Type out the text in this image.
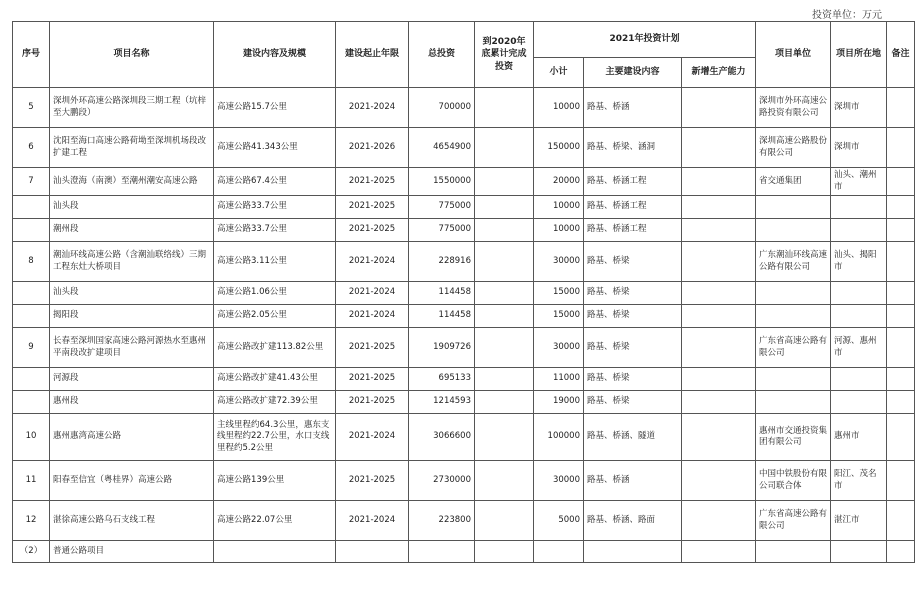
投资单位：万元
序号	项目名称	建设内容及规模	建设起止年限	总投资	到2020年底累计完成投资	2021年投资计划			项目单位	项目所在地	备注
						小计	主要建设内容	新增生产能力			
5	深圳外环高速公路深圳段三期工程（坑梓至大鹏段）	高速公路15.7公里	2021-2024	700000		10000	路基、桥涵		深圳市外环高速公路投资有限公司	深圳市	
6	沈阳至海口高速公路荷坳至深圳机场段改扩建工程	高速公路41.343公里	2021-2026	4654900		150000	路基、桥梁、涵洞		深圳高速公路股份有限公司	深圳市	
7	汕头澄海（南澳）至潮州潮安高速公路	高速公路67.4公里	2021-2025	1550000		20000	路基、桥涵工程		省交通集团	汕头、潮州市	
	汕头段	高速公路33.7公里	2021-2025	775000		10000	路基、桥涵工程				
	潮州段	高速公路33.7公里	2021-2025	775000		10000	路基、桥涵工程				
8	潮汕环线高速公路（含潮汕联络线）三期工程东灶大桥项目	高速公路3.11公里	2021-2024	228916		30000	路基、桥梁		广东潮汕环线高速公路有限公司	汕头、揭阳市	
	汕头段	高速公路1.06公里	2021-2024	114458		15000	路基、桥梁				
	揭阳段	高速公路2.05公里	2021-2024	114458		15000	路基、桥梁				
9	长春至深圳国家高速公路河源热水至惠州平南段改扩建项目	高速公路改扩建113.82公里	2021-2025	1909726		30000	路基、桥梁		广东省高速公路有限公司	河源、惠州市	
	河源段	高速公路改扩建41.43公里	2021-2025	695133		11000	路基、桥梁				
	惠州段	高速公路改扩建72.39公里	2021-2025	1214593		19000	路基、桥梁				
10	惠州惠湾高速公路	主线里程约64.3公里，惠东支线里程约22.7公里，水口支线里程约5.2公里	2021-2024	3066600		100000	路基、桥涵、隧道		惠州市交通投资集团有限公司	惠州市	
11	阳春至信宜（粤桂界）高速公路	高速公路139公里	2021-2025	2730000		30000	路基、桥涵		中国中铁股份有限公司联合体	阳江、茂名市	
12	湛徐高速公路乌石支线工程	高速公路22.07公里	2021-2024	223800		5000	路基、桥涵、路面		广东省高速公路有限公司	湛江市	
（2）	普通公路项目										
